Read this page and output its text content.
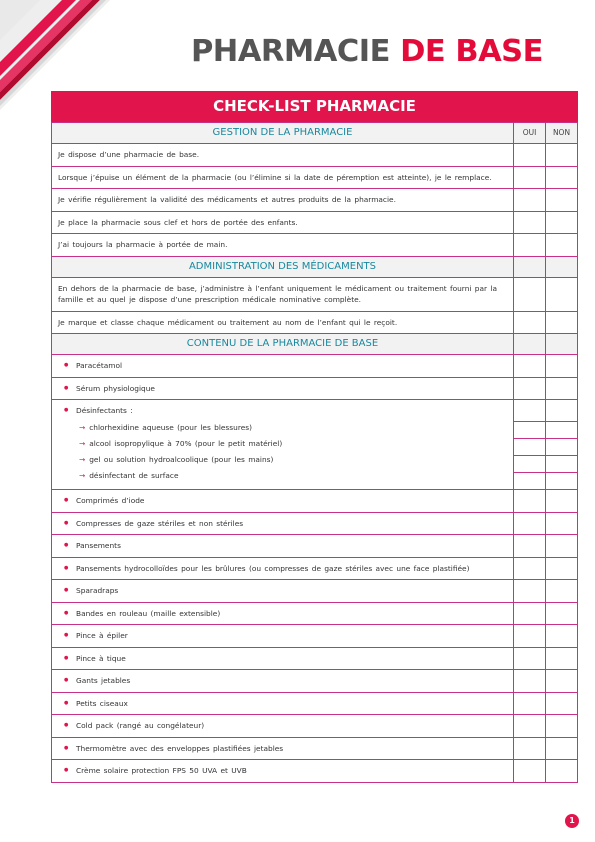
PHARMACIE DE BASE
CHECK-LIST PHARMACIE
GESTION DE LA PHARMACIE	OUI	NON
Je dispose d’une pharmacie de base.		
Lorsque j’épuise un élément de la pharmacie (ou l’élimine si la date de péremption est atteinte), je le remplace.		
Je vérifie régulièrement la validité des médicaments et autres produits de la pharmacie.		
Je place la pharmacie sous clef et hors de portée des enfants.		
J’ai toujours la pharmacie à portée de main.		
ADMINISTRATION DES MÉDICAMENTS		
En dehors de la pharmacie de base, j’administre à l’enfant uniquement le médicament ou traitement fourni par la famille et au quel je dispose d’une prescription médicale nominative complète.		
Je marque et classe chaque médicament ou traitement au nom de l’enfant qui le reçoit.		
CONTENU DE LA PHARMACIE DE BASE		

● Paracétamol

● Sérum physiologique

● Désinfectants :
→ chlorhexidine aqueuse (pour les blessures)
→ alcool isopropylique à 70% (pour le petit matériel)
→ gel ou solution hydroalcoolique (pour les mains)
→ désinfectant de surface

● Comprimés d’iode

● Compresses de gaze stériles et non stériles

● Pansements

● Pansements hydrocolloïdes pour les brûlures (ou compresses de gaze stériles avec une face plastifiée)

● Sparadraps

● Bandes en rouleau (maille extensible)

● Pince à épiler

● Pince à tique

● Gants jetables

● Petits ciseaux

● Cold pack (rangé au congélateur)

● Thermomètre avec des enveloppes plastifiées jetables

● Crème solaire protection FPS 50 UVA et UVB

1
